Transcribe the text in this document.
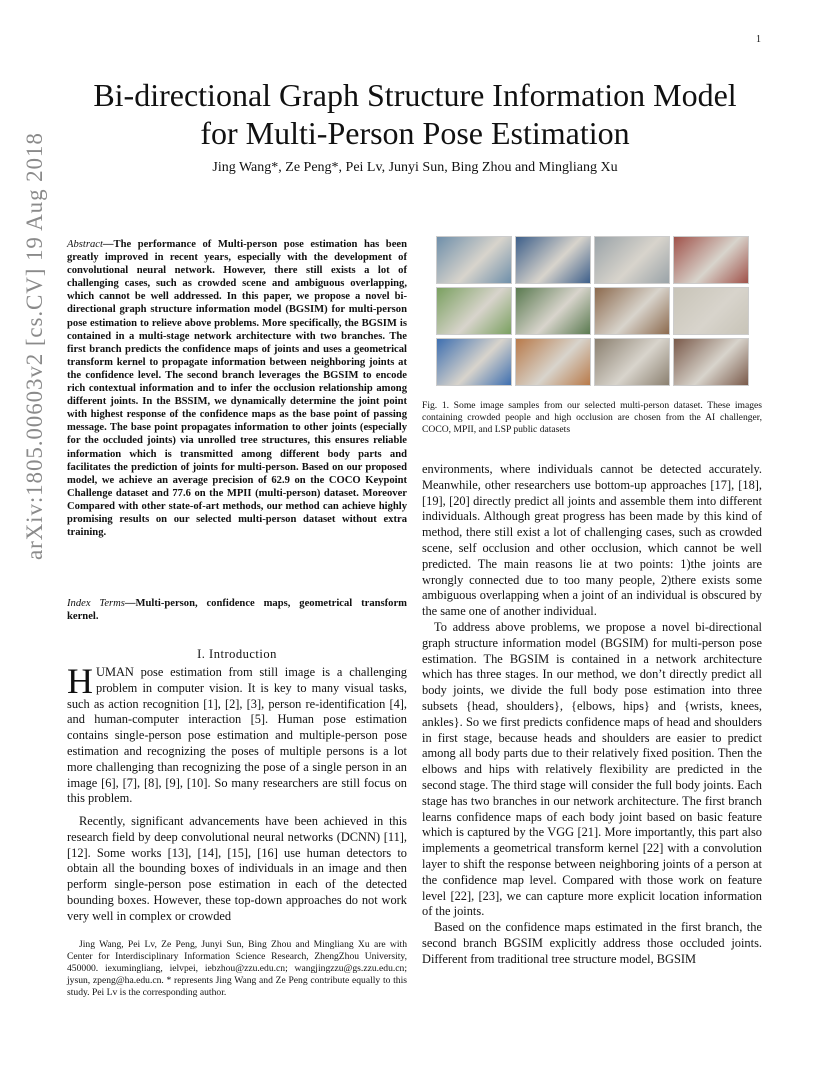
1
arXiv:1805.00603v2 [cs.CV] 19 Aug 2018
Bi-directional Graph Structure Information Model
for Multi-Person Pose Estimation
Jing Wang*, Ze Peng*, Pei Lv, Junyi Sun, Bing Zhou and Mingliang Xu
Abstract—The performance of Multi-person pose estimation has been greatly improved in recent years, especially with the development of convolutional neural network. However, there still exists a lot of challenging cases, such as crowded scene and ambiguous overlapping, which cannot be well addressed. In this paper, we propose a novel bi-directional graph structure information model (BGSIM) for multi-person pose estimation to relieve above problems. More specifically, the BGSIM is contained in a multi-stage network architecture with two branches. The first branch predicts the confidence maps of joints and uses a geometrical transform kernel to propagate information between neighboring joints at the confidence level. The second branch leverages the BGSIM to encode rich contextual information and to infer the occlusion relationship among different joints. In the BSSIM, we dynamically determine the joint point with highest response of the confidence maps as the base point of passing message. The base point propagates information to other joints (especially for the occluded joints) via unrolled tree structures, this ensures reliable information which is transmitted among different body parts and facilitates the prediction of joints for multi-person. Based on our proposed model, we achieve an average precision of 62.9 on the COCO Keypoint Challenge dataset and 77.6 on the MPII (multi-person) dataset. Moreover Compared with other state-of-art methods, our method can achieve highly promising results on our selected multi-person dataset without extra training.
Index Terms—Multi-person, confidence maps, geometrical transform kernel.
I. Introduction
HUMAN pose estimation from still image is a challenging problem in computer vision. It is key to many visual tasks, such as action recognition [1], [2], [3], person re-identification [4], and human-computer interaction [5]. Human pose estimation contains single-person pose estimation and multiple-person pose estimation and recognizing the poses of multiple persons is a lot more challenging than recognizing the pose of a single person in an image [6], [7], [8], [9], [10]. So many researchers are still focus on this problem.

Recently, significant advancements have been achieved in this research field by deep convolutional neural networks (DCNN) [11], [12]. Some works [13], [14], [15], [16] use human detectors to obtain all the bounding boxes of individuals in an image and then perform single-person pose estimation in each of the detected bounding boxes. However, these top-down approaches do not work very well in complex or crowded

Jing Wang, Pei Lv, Ze Peng, Junyi Sun, Bing Zhou and Mingliang Xu are with Center for Interdisciplinary Information Science Research, ZhengZhou University, 450000. iexumingliang, ielvpei, iebzhou@zzu.edu.cn; wangjingzzu@gs.zzu.edu.cn; jysun, zpeng@ha.edu.cn. * represents Jing Wang and Ze Peng contribute equally to this study. Pei Lv is the corresponding author.

Fig. 1. Some image samples from our selected multi-person dataset. These images containing crowded people and high occlusion are chosen from the AI challenger, COCO, MPII, and LSP public datasets

environments, where individuals cannot be detected accurately. Meanwhile, other researchers use bottom-up approaches [17], [18], [19], [20] directly predict all joints and assemble them into different individuals. Although great progress has been made by this kind of method, there still exist a lot of challenging cases, such as crowded scene, self occlusion and other occlusion, which cannot be well predicted. The main reasons lie at two points: 1)the joints are wrongly connected due to too many people, 2)there exists some ambiguous overlapping when a joint of an individual is obscured by the same one of another individual.

To address above problems, we propose a novel bi-directional graph structure information model (BGSIM) for multi-person pose estimation. The BGSIM is contained in a network architecture which has three stages. In our method, we don’t directly predict all body joints, we divide the full body pose estimation into three subsets {head, shoulders}, {elbows, hips} and {wrists, knees, ankles}. So we first predicts confidence maps of head and shoulders in first stage, because heads and shoulders are easier to predict among all body parts due to their relatively fixed position. Then the elbows and hips with relatively flexibility are predicted in the second stage. The third stage will consider the full body joints. Each stage has two branches in our network architecture. The first branch learns confidence maps of each body joint based on basic feature which is captured by the VGG [21]. More importantly, this part also implements a geometrical transform kernel [22] with a convolution layer to shift the response between neighboring joints of a person at the confidence map level. Compared with those work on feature level [22], [23], we can capture more explicit location information of the joints.

Based on the confidence maps estimated in the first branch, the second branch BGSIM explicitly address those occluded joints. Different from traditional tree structure model, BGSIM
